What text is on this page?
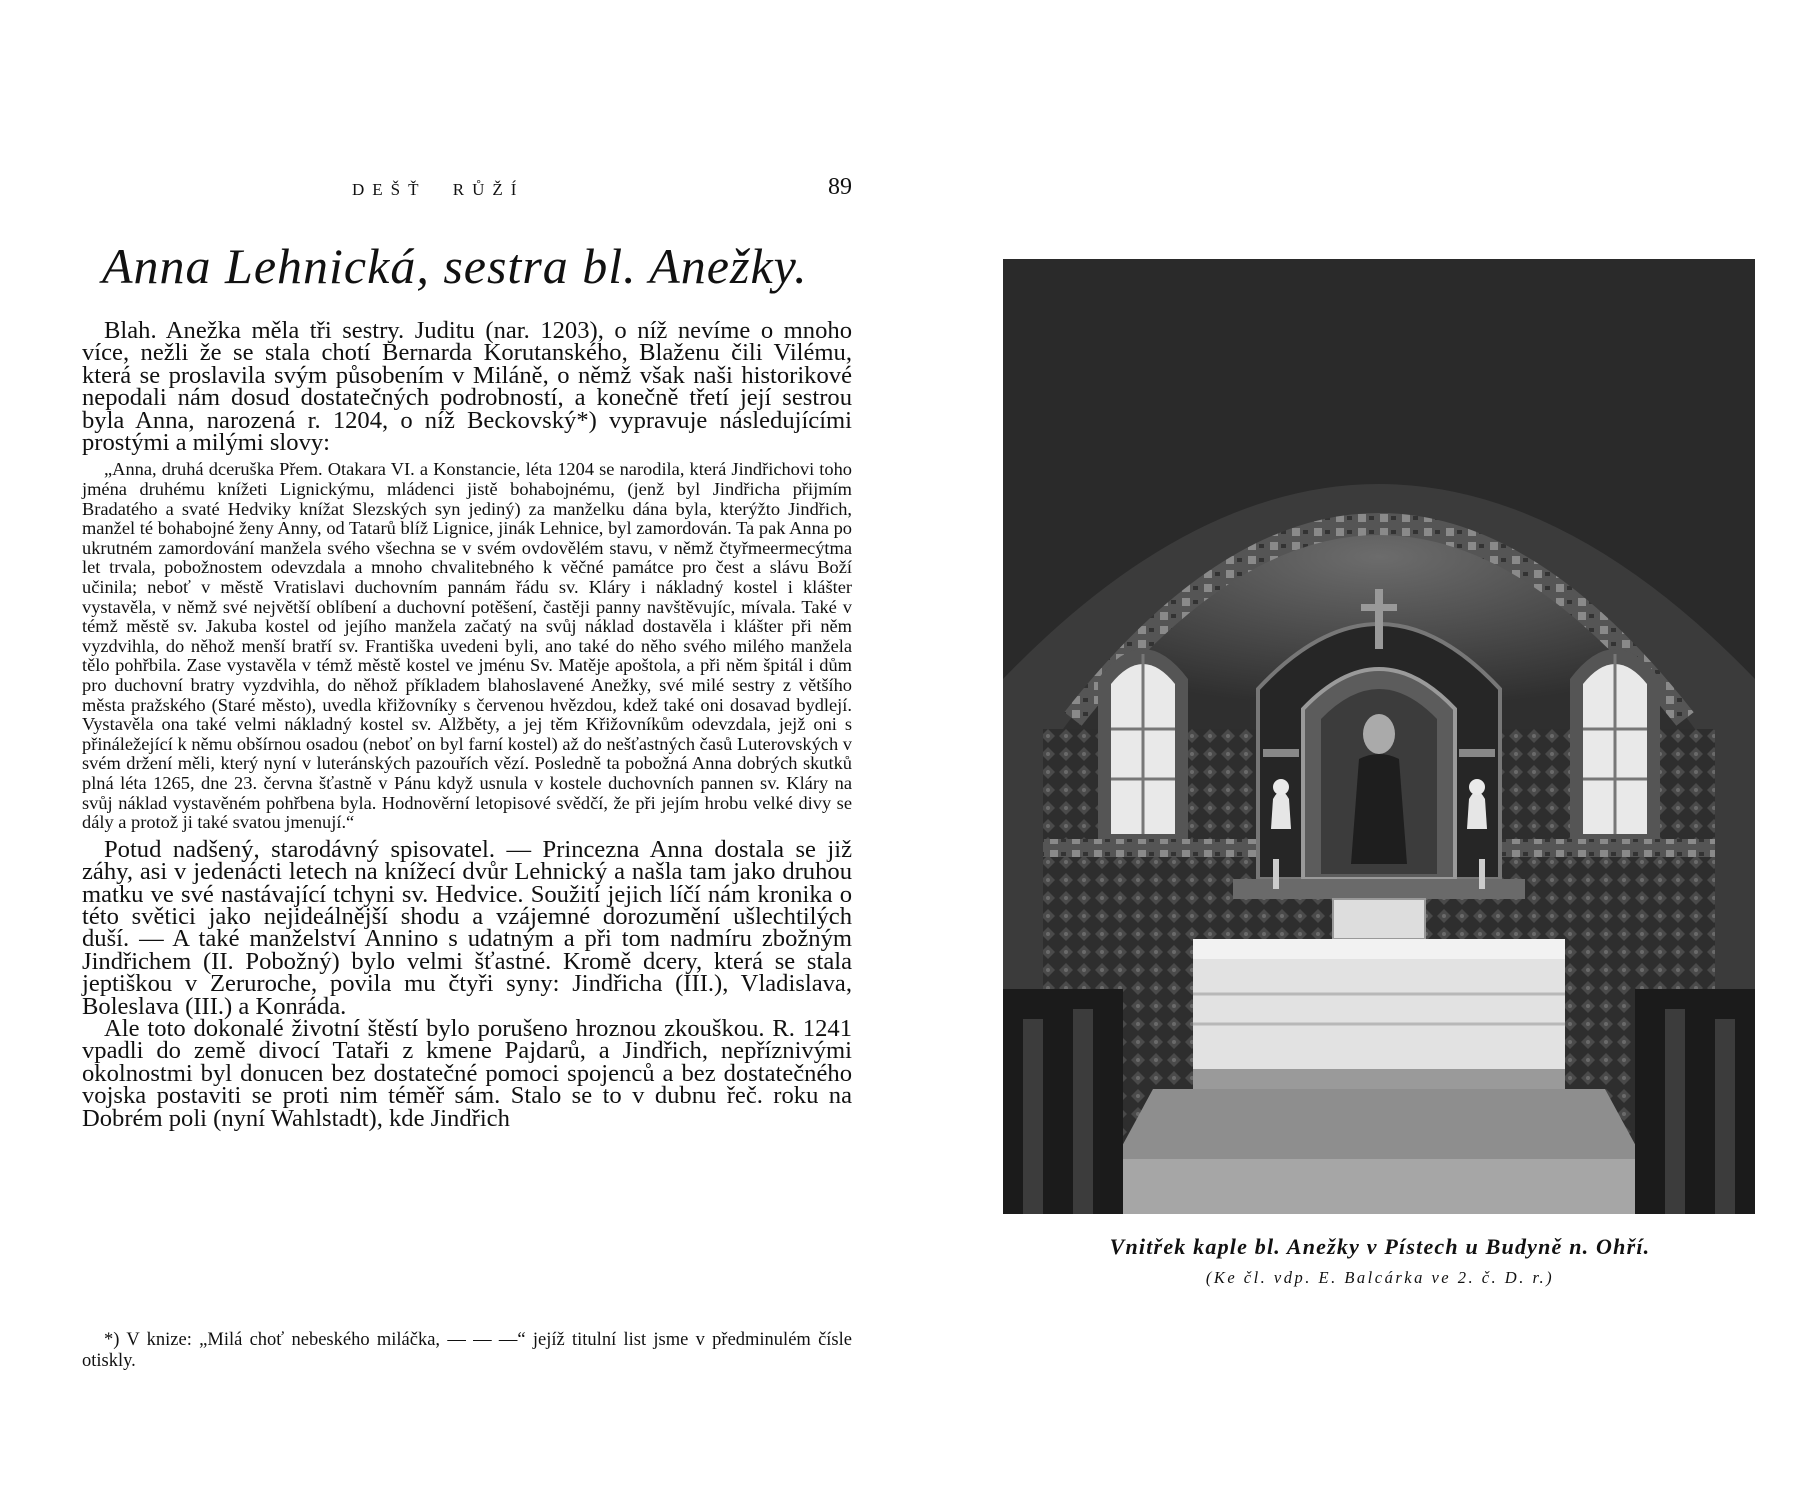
DEŠŤ RŮŽÍ	89
Anna Lehnická, sestra bl. Anežky.

Blah. Anežka měla tři sestry. Juditu (nar. 1203), o níž nevíme o mnoho více, nežli že se stala chotí Bernarda Korutanského, Blaženu čili Vilému, která se proslavila svým působením v Miláně, o němž však naši historikové nepodali nám dosud dostatečných podrobností, a konečně třetí její sestrou byla Anna, narozená r. 1204, o níž Beckovský*) vypravuje následujícími prostými a milými slovy:

„Anna, druhá dceruška Přem. Otakara VI. a Konstancie, léta 1204 se narodila, která Jindřichovi toho jména druhému knížeti Lignickýmu, mládenci jistě bohabojnému, (jenž byl Jindřicha přijmím Bradatého a svaté Hedviky knížat Slezských syn jediný) za manželku dána byla, kterýžto Jindřich, manžel té bohabojné ženy Anny, od Tatarů blíž Lignice, jinák Lehnice, byl zamordován. Ta pak Anna po ukrutném zamordování manžela svého všechna se v svém ovdovělém stavu, v němž čtyřmeermecýtma let trvala, pobožnostem odevzdala a mnoho chvalitebného k věčné památce pro čest a slávu Boží učinila; neboť v městě Vratislavi duchovním pannám řádu sv. Kláry i nákladný kostel i klášter vystavěla, v němž své největší oblíbení a duchovní potěšení, častěji panny navštěvujíc, mívala. Také v témž městě sv. Jakuba kostel od jejího manžela začatý na svůj náklad dostavěla i klášter při něm vyzdvihla, do něhož menší bratří sv. Františka uvedeni byli, ano také do něho svého milého manžela tělo pohřbila. Zase vystavěla v témž městě kostel ve jménu Sv. Matěje apoštola, a při něm špitál i dům pro duchovní bratry vyzdvihla, do něhož příkladem blahoslavené Anežky, své milé sestry z většího města pražského (Staré město), uvedla křižovníky s červenou hvězdou, kdež také oni dosavad bydlejí. Vystavěla ona také velmi nákladný kostel sv. Alžběty, a jej těm Křižovníkům odevzdala, jejž oni s přináležející k němu obšírnou osadou (neboť on byl farní kostel) až do nešťastných časů Luterovských v svém držení měli, který nyní v luteránských pazouřích vězí. Posledně ta pobožná Anna dobrých skutků plná léta 1265, dne 23. června šťastně v Pánu když usnula v kostele duchovních pannen sv. Kláry na svůj náklad vystavěném pohřbena byla. Hodnověrní letopisové svědčí, že při jejím hrobu velké divy se dály a protož ji také svatou jmenují.“

Potud nadšený, starodávný spisovatel. — Princezna Anna dostala se již záhy, asi v jedenácti letech na knížecí dvůr Lehnický a našla tam jako druhou matku ve své nastávající tchyni sv. Hedvice. Soužití jejich líčí nám kronika o této světici jako nejideálnější shodu a vzájemné dorozumění ušlechtilých duší. — A také manželství Annino s udatným a při tom nadmíru zbožným Jindřichem (II. Pobožný) bylo velmi šťastné. Kromě dcery, která se stala jeptiškou v Zeruroche, povila mu čtyři syny: Jindřicha (III.), Vladislava, Boleslava (III.) a Konráda.

Ale toto dokonalé životní štěstí bylo porušeno hroznou zkouškou. R. 1241 vpadli do země divocí Tataři z kmene Pajdarů, a Jindřich, nepříznivými okolnostmi byl donucen bez dostatečné pomoci spojenců a bez dostatečného vojska postaviti se proti nim téměř sám. Stalo se to v dubnu řeč. roku na Dobrém poli (nyní Wahlstadt), kde Jindřich

*) V knize: „Milá choť nebeského miláčka, — — —“ jejíž titulní list jsme v předminulém čísle otiskly.

Vnitřek kaple bl. Anežky v Pístech u Budyně n. Ohří.

(Ke čl. vdp. E. Balcárka ve 2. č. D. r.)
